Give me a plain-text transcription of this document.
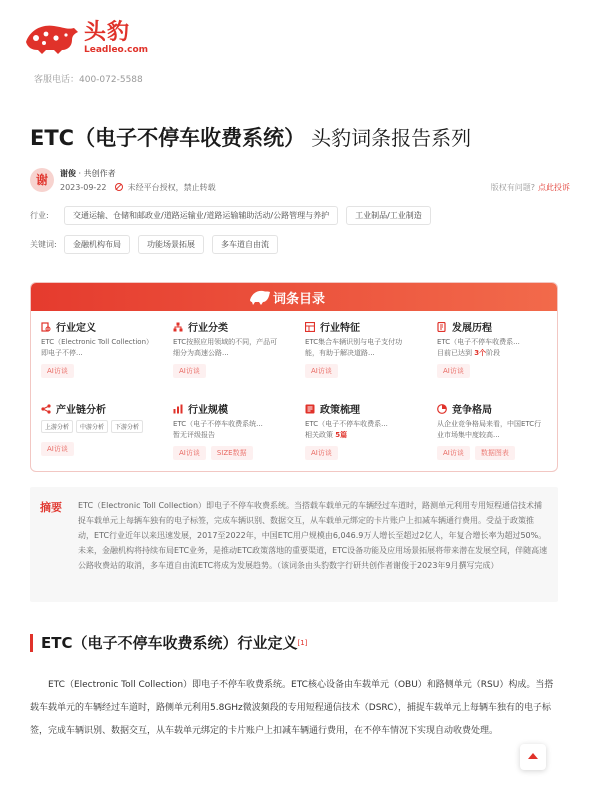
头豹
Leadleo.com
客服电话：400-072-5588
ETC（电子不停车收费系统） 头豹词条报告系列
谢	谢俊 · 共创作者
2023-09-22	未经平台授权，禁止转载	版权有问题? 点此投诉
行业:	交通运输、仓储和邮政业/道路运输业/道路运输辅助活动/公路管理与养护	工业制品/工业制造
关键词:	金融机构布局	功能场景拓展	多车道自由流
词条目录
行业定义
ETC（Electronic Toll Collection）即电子不停...
AI访谈
行业分类
ETC按照应用领域的不同，产品可细分为高速公路...
AI访谈
行业特征
ETC集合车辆识别与电子支付功能，有助于解决道路...
AI访谈
发展历程
ETC（电子不停车收费系...
目前已达到 3个阶段
AI访谈
产业链分析
上游分析	中游分析	下游分析
AI访谈
行业规模
ETC（电子不停车收费系统...
暂无评级报告
AI访谈	SIZE数据
政策梳理
ETC（电子不停车收费系...
相关政策 5篇
AI访谈
竞争格局
从企业竞争格局来看，中国ETC行业市场集中度较高...
AI访谈	数据图表
摘要 ETC（Electronic Toll Collection）即电子不停车收费系统。当搭载车载单元的车辆经过车道时，路测单元利用专用短程通信技术捕捉车载单元上每辆车独有的电子标签，完成车辆识别、数据交互，从车载单元绑定的卡片账户上扣减车辆通行费用。受益于政策推动，ETC行业近年以来迅速发展，2017至2022年，中国ETC用户规模由6,046.9万人增长至超过2亿人，年复合增长率为超过50%。未来，金融机构将持续布局ETC业务，是推动ETC政策落地的重要渠道，ETC设备功能及应用场景拓展将带来潜在发展空间，伴随高速公路收费站的取消，多车道自由流ETC将成为发展趋势。（该词条由头豹数字行研共创作者谢俊于2023年9月撰写完成）
ETC（电子不停车收费系统）行业定义[1]
ETC（Electronic Toll Collection）即电子不停车收费系统。ETC核心设备由车载单元（OBU）和路侧单元（RSU）构成。当搭载车载单元的车辆经过车道时，路侧单元利用5.8GHz微波频段的专用短程通信技术（DSRC），捕捉车载单元上每辆车独有的电子标签，完成车辆识别、数据交互，从车载单元绑定的卡片账户上扣减车辆通行费用，在不停车情况下实现自动收费处理。
